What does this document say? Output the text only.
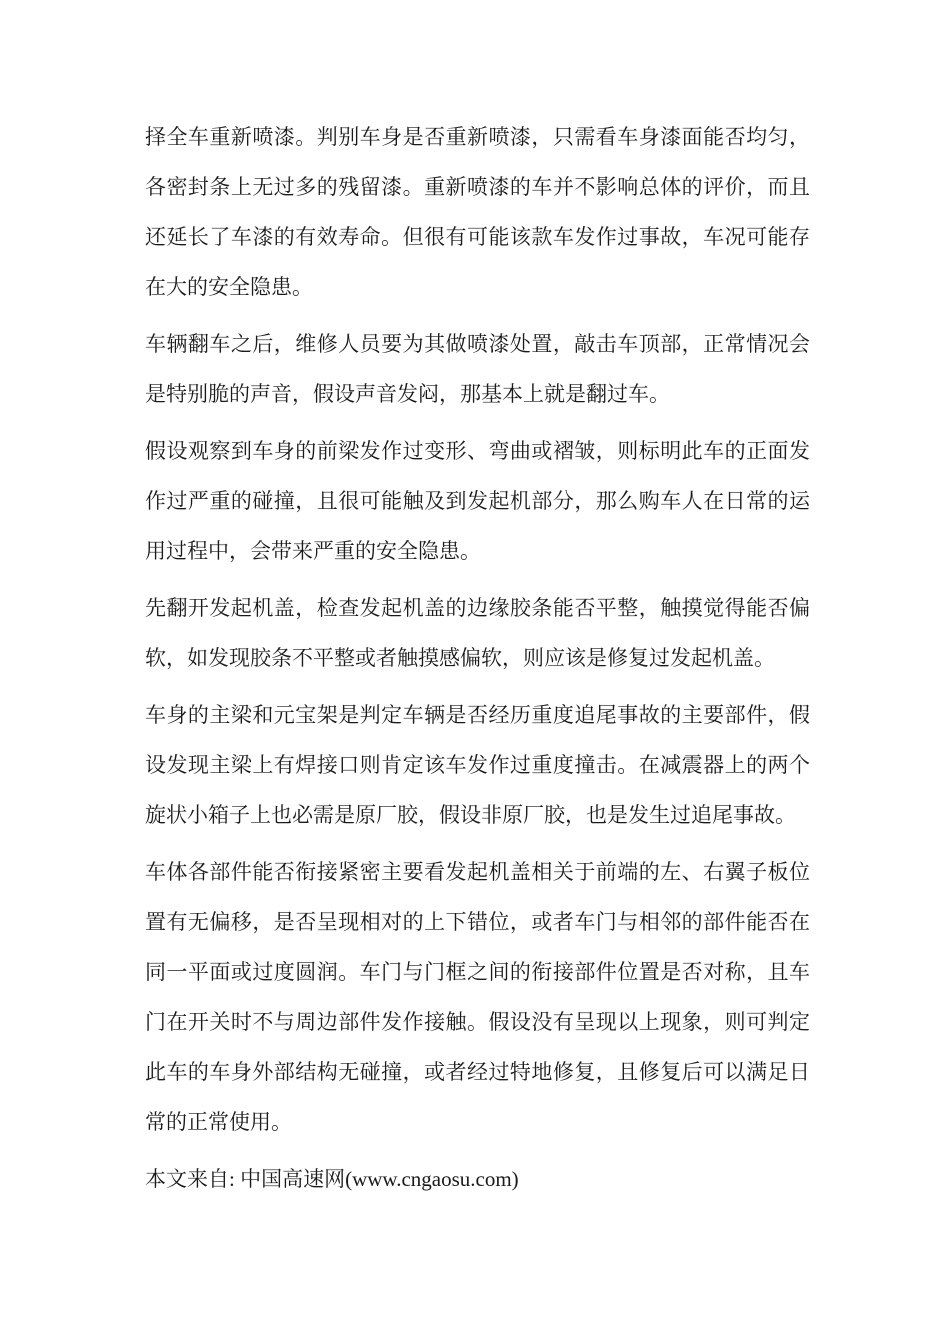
择全车重新喷漆。判别车身是否重新喷漆，只需看车身漆面能否均匀，各密封条上无过多的残留漆。重新喷漆的车并不影响总体的评价，而且还延长了车漆的有效寿命。但很有可能该款车发作过事故，车况可能存在大的安全隐患。

车辆翻车之后，维修人员要为其做喷漆处置，敲击车顶部，正常情况会是特别脆的声音，假设声音发闷，那基本上就是翻过车。

假设观察到车身的前梁发作过变形、弯曲或褶皱，则标明此车的正面发作过严重的碰撞，且很可能触及到发起机部分，那么购车人在日常的运用过程中，会带来严重的安全隐患。

先翻开发起机盖，检查发起机盖的边缘胶条能否平整，触摸觉得能否偏软，如发现胶条不平整或者触摸感偏软，则应该是修复过发起机盖。

车身的主梁和元宝架是判定车辆是否经历重度追尾事故的主要部件，假设发现主梁上有焊接口则肯定该车发作过重度撞击。在减震器上的两个旋状小箱子上也必需是原厂胶，假设非原厂胶，也是发生过追尾事故。

车体各部件能否衔接紧密主要看发起机盖相关于前端的左、右翼子板位置有无偏移，是否呈现相对的上下错位，或者车门与相邻的部件能否在同一平面或过度圆润。车门与门框之间的衔接部件位置是否对称，且车门在开关时不与周边部件发作接触。假设没有呈现以上现象，则可判定此车的车身外部结构无碰撞，或者经过特地修复，且修复后可以满足日常的正常使用。

本文来自: 中国高速网(www.cngaosu.com)
